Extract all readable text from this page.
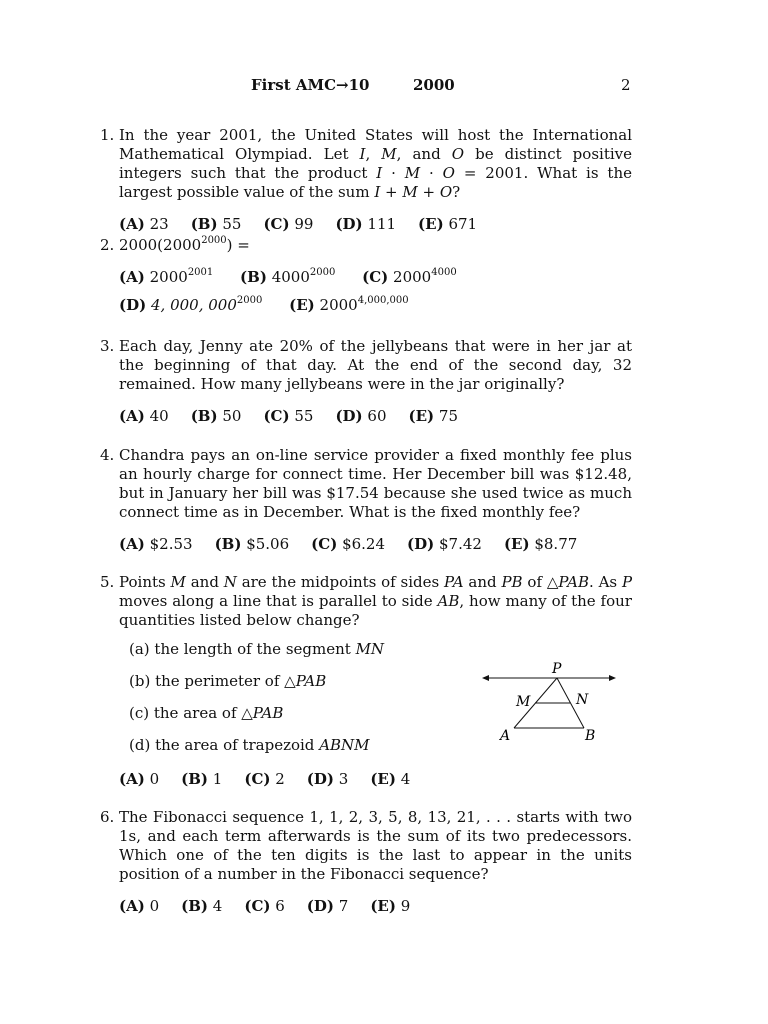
First AMC→10	2000	2
1. In the year 2001, the United States will host the International Mathematical Olympiad. Let I, M, and O be distinct positive integers such that the product I · M · O = 2001. What is the largest possible value of the sum I + M + O?
(A) 23 (B) 55 (C) 99 (D) 111 (E) 671
2. $2000(2000^{2000})$ =
(A) $2000^{2001}$ (B) $4000^{2000}$ (C) $2000^{4000}$
(D) 4, 000, $000^{2000}$ (E) 2000$^{4,000,000}$
3. Each day, Jenny ate 20% of the jellybeans that were in her jar at the beginning of that day. At the end of the second day, 32 remained. How many jellybeans were in the jar originally?
(A) 40 (B) 50 (C) 55 (D) 60 (E) 75
4. Chandra pays an on-line service provider a fixed monthly fee plus an hourly charge for connect time. Her December bill was $12.48, but in January her bill was $17.54 because she used twice as much connect time as in December. What is the fixed monthly fee?
(A) $2.53 (B) $5.06 (C) $6.24 (D) $7.42 (E) $8.77
5. Points M and N are the midpoints of sides PA and PB of △PAB. As P moves along a line that is parallel to side AB, how many of the four quantities listed below change?
(a) the length of the segment MN
(b) the perimeter of △PAB
(c) the area of △PAB
(d) the area of trapezoid ABNM
(A) 0 (B) 1 (C) 2 (D) 3 (E) 4
P
M	N
A	B
6. The Fibonacci sequence 1, 1, 2, 3, 5, 8, 13, 21, . . . starts with two 1s, and each term afterwards is the sum of its two predecessors. Which one of the ten digits is the last to appear in the units position of a number in the Fibonacci sequence?
(A) 0 (B) 4 (C) 6 (D) 7 (E) 9
